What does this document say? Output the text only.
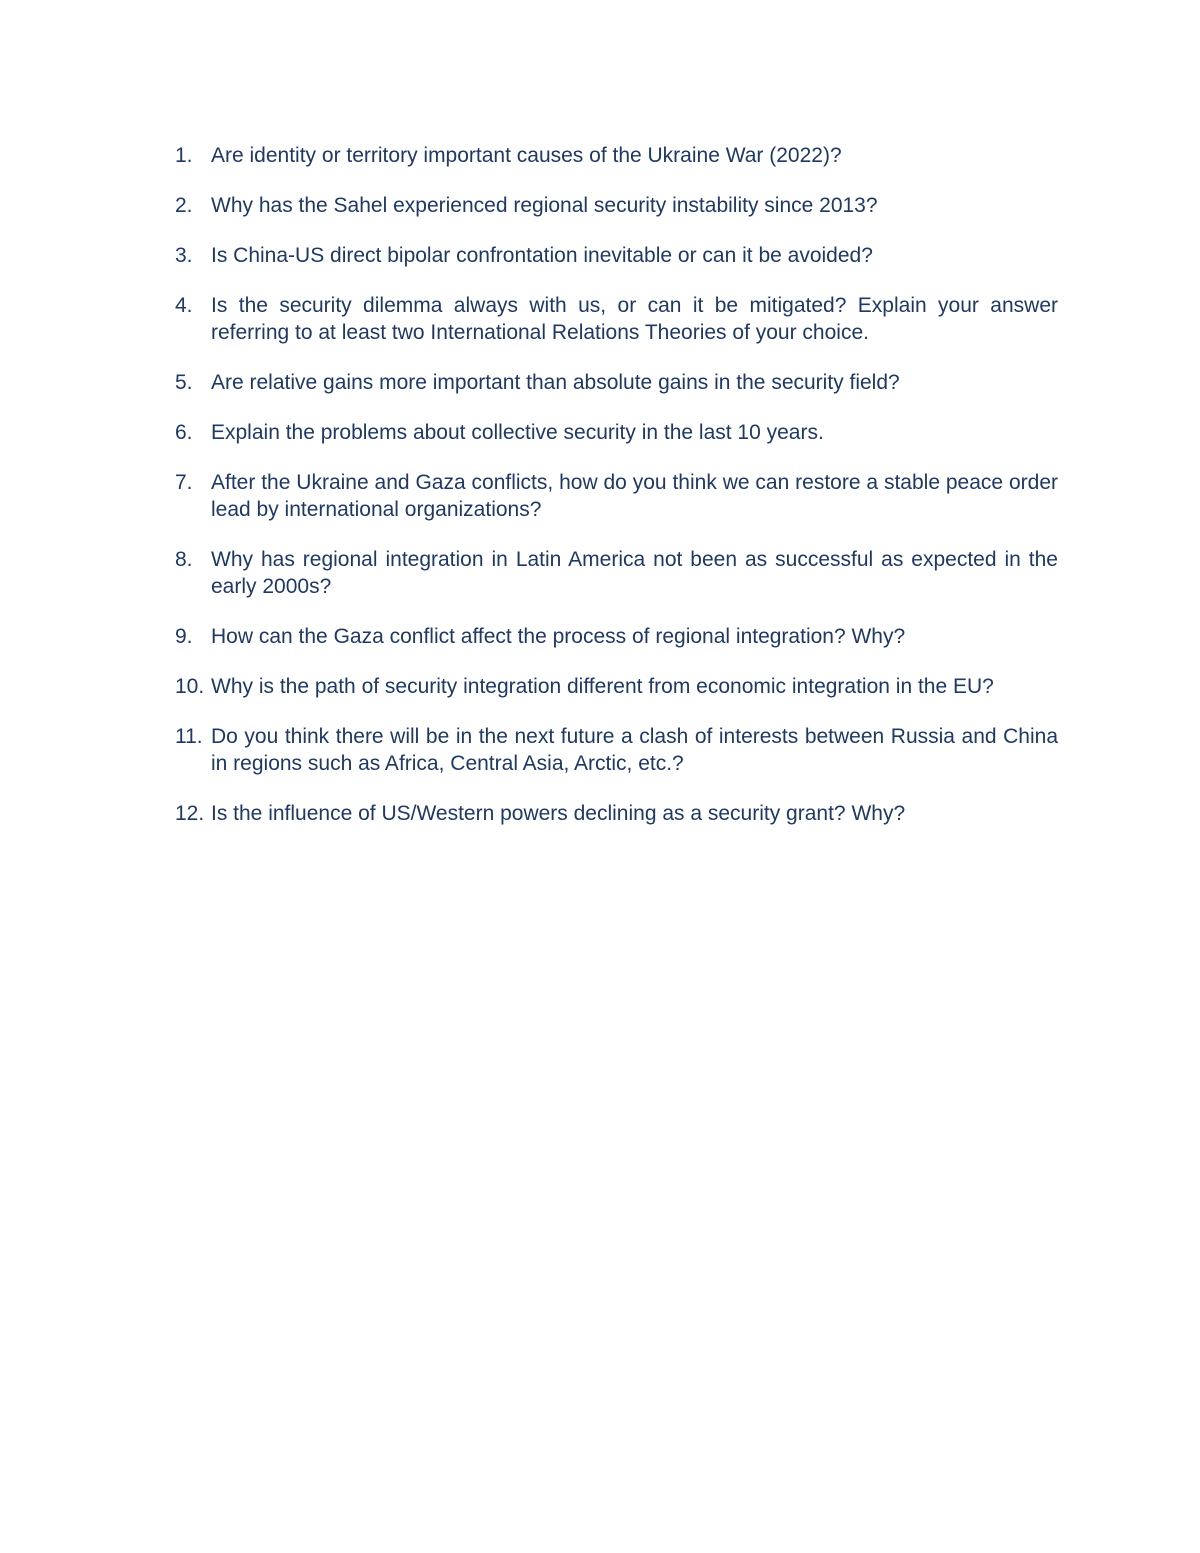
1. Are identity or territory important causes of the Ukraine War (2022)?
2. Why has the Sahel experienced regional security instability since 2013?
3. Is China-US direct bipolar confrontation inevitable or can it be avoided?
4. Is the security dilemma always with us, or can it be mitigated? Explain your answer referring to at least two International Relations Theories of your choice.
5. Are relative gains more important than absolute gains in the security field?
6. Explain the problems about collective security in the last 10 years.
7. After the Ukraine and Gaza conflicts, how do you think we can restore a stable peace order lead by international organizations?
8. Why has regional integration in Latin America not been as successful as expected in the early 2000s?
9. How can the Gaza conflict affect the process of regional integration? Why?
10. Why is the path of security integration different from economic integration in the EU?
11. Do you think there will be in the next future a clash of interests between Russia and China in regions such as Africa, Central Asia, Arctic, etc.?
12. Is the influence of US/Western powers declining as a security grant? Why?
